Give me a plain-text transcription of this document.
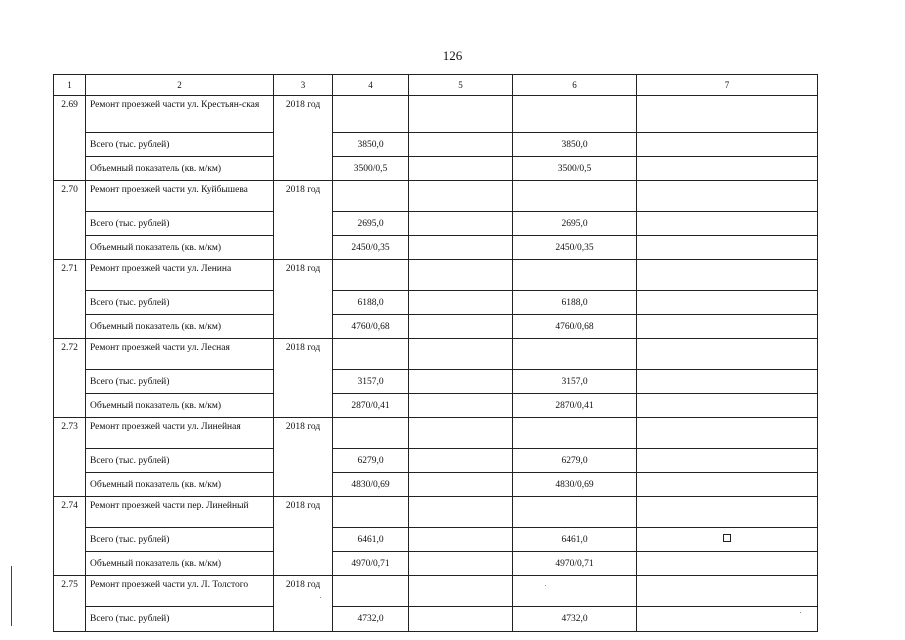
126
1	2	3	4	5	6	7
2.69	Ремонт проезжей части ул. Крестьян-ская	2018 год				
	Всего (тыс. рублей)		3850,0		3850,0	
	Объемный показатель (кв. м/км)		3500/0,5		3500/0,5	
2.70	Ремонт проезжей части ул. Куйбышева	2018 год				
	Всего (тыс. рублей)		2695,0		2695,0	
	Объемный показатель (кв. м/км)		2450/0,35		2450/0,35	
2.71	Ремонт проезжей части ул. Ленина	2018 год				
	Всего (тыс. рублей)		6188,0		6188,0	
	Объемный показатель (кв. м/км)		4760/0,68		4760/0,68	
2.72	Ремонт проезжей части ул. Лесная	2018 год				
	Всего (тыс. рублей)		3157,0		3157,0	
	Объемный показатель (кв. м/км)		2870/0,41		2870/0,41	
2.73	Ремонт проезжей части ул. Линейная	2018 год				
	Всего (тыс. рублей)		6279,0		6279,0	
	Объемный показатель (кв. м/км)		4830/0,69		4830/0,69	
2.74	Ремонт проезжей части пер. Линейный	2018 год				
	Всего (тыс. рублей)		6461,0		6461,0	
	Объемный показатель (кв. м/км)		4970/0,71		4970/0,71	
2.75	Ремонт проезжей части ул. Л. Толстого	2018 год				
	Всего (тыс. рублей)		4732,0		4732,0	
